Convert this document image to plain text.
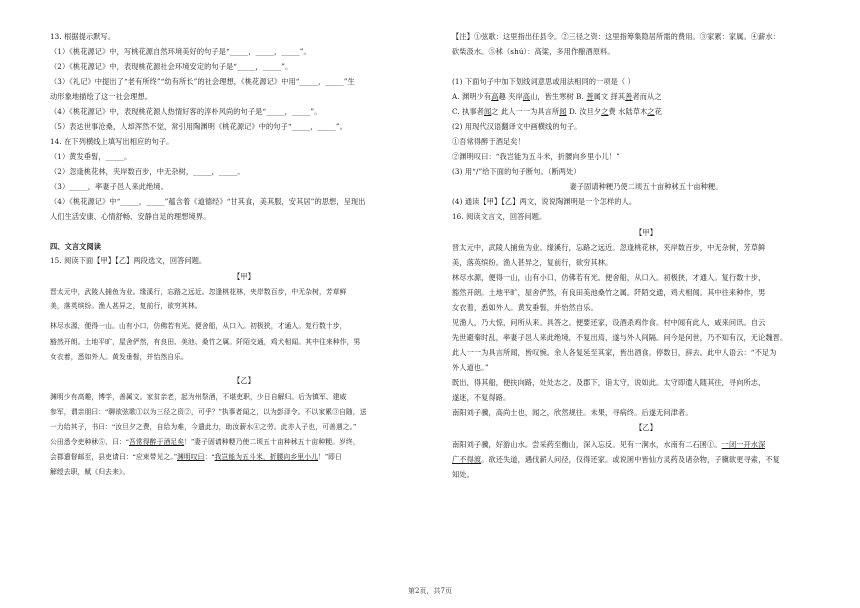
13. 根据提示默写。
（1）《桃花源记》中，写桃花源自然环境美好的句子是“_____，_____，_____”。
（2）《桃花源记》中，表现桃花源社会环境安定的句子是“_____，_____”。
（3）《礼记》中提出了“老有所终”“幼有所长”的社会理想，《桃花源记》中用“_____，_____”生
动形象地描绘了这一社会理想。
（4）《桃花源记》中，表现桃花源人热情好客的淳朴风尚的句子是“_____，_____”。
（5）表达世事沧桑，人却浑然不觉，常引用陶渊明《桃花源记》中的句子“_____，_____”。
14. 在下列横线上填写出相应的句子。
（1）黄发垂髫，_____。
（2）忽逢桃花林，夹岸数百步，中无杂树，_____，_____。
（3）_____，率妻子邑人来此绝境。
（4）《桃花源记》中“_____，_____”蕴含着《道德经》“甘其食，美其服，安其居”的思想，呈现出
人们生活安康、心情舒畅、安静自足的理想境界。
四、文言文阅读
15. 阅读下面【甲】【乙】两段选文，回答问题。
【甲】
晋太元中，武陵人捕鱼为业。缘溪行，忘路之远近。忽逢桃花林，夹岸数百步，中无杂树，芳草鲜
美，落英缤纷。渔人甚异之，复前行，欲穷其林。
林尽水源，便得一山。山有小口，仿佛若有光。便舍船，从口入。初极狭，才通人。复行数十步，
豁然开朗。土地平旷，屋舍俨然，有良田、美池、桑竹之属。阡陌交通，鸡犬相闻。其中往来种作，男
女衣着，悉如外人。黄发垂髫，并怡然自乐。
【乙】
渊明少有高趣，博学，善属文。家贫亲老，起为州祭酒，不堪吏职，少日自解归。后为镇军、建威
参军，谓亲朋曰：“聊欲弦歌①以为三径之资②，可乎？”执事者闻之，以为彭泽令。不以家累③自随，送
一力给其子，书曰：“汝旦夕之费，自给为难，今遣此力，助汝薪水④之劳。此亦人子也，可善遇之。”
公田悉令吏种秫⑤，曰：“吾常得醉于酒足矣！”妻子固请种粳乃使二顷五十亩种秫五十亩种粳。岁终，
会郡遣督邮至，县吏请曰：“应束带见之。”渊明叹曰：“我岂能为五斗米，折腰向乡里小儿！”即日
解绶去职，赋《归去来》。
【注】①弦歌：这里指出任县令。②三径之资：这里指筹集隐居所需的费用。③家累：家属。④薪水：
砍柴汲水。⑤秫（shú）：高粱，多用作酿酒原料。
(1) 下面句子中加下划线词意思或用法相同的一项是（ ）
A. 渊明少有高趣 夹岸高山，皆生寒树 B. 善属文 择其善者而从之
C. 执事者闻之 此人一一为具言所闻 D. 汝旦夕之费 水陆草木之花
(2) 用现代汉语翻译文中画横线的句子。
①吾常得醉于酒足矣！
②渊明叹曰：“我岂能为五斗米，折腰向乡里小儿！”
(3) 用“/”给下面的句子断句。（断两处）
妻子固请种粳乃使二顷五十亩种秫五十亩种粳。
(4) 通读【甲】【乙】两文，说说陶渊明是一个怎样的人。
16. 阅读文言文，回答问题。
【甲】
晋太元中，武陵人捕鱼为业。缘溪行，忘路之远近。忽逢桃花林，夹岸数百步，中无杂树，芳草鲜
美，落英缤纷。渔人甚异之，复前行，欲穷其林。
林尽水源，便得一山，山有小口，仿佛若有光。便舍船，从口入。初极狭，才通人。复行数十步，
豁然开朗。土地平旷，屋舍俨然，有良田美池桑竹之属。阡陌交通，鸡犬相闻。其中往来种作，男
女衣着，悉如外人。黄发垂髫，并怡然自乐。
见渔人，乃大惊，问所从来。具答之。便要还家，设酒杀鸡作食。村中闻有此人，咸来问讯。自云
先世避秦时乱，率妻子邑人来此绝境，不复出焉，遂与外人间隔。问今是何世，乃不知有汉，无论魏晋。
此人一一为具言所闻，皆叹惋。余人各复延至其家，皆出酒食。停数日，辞去。此中人语云：“不足为
外人道也。”
既出，得其船，便扶向路，处处志之。及郡下，诣太守，说如此。太守即遣人随其往，寻向所志，
遂迷，不复得路。
南阳刘子骥，高尚士也，闻之，欣然规往。未果，寻病终。后遂无问津者。
【乙】
南阳刘子骥，好游山水。尝采药至衡山，深入忘反。见有一涧水，水南有二石囷①。一闭一开水深
广不得渡。欲还失道，遇伐薪人问径，仅得还家。或说囷中皆仙方灵药及诸杂物，子骥欲更寻索，不复
知处。
第2页，共7页
